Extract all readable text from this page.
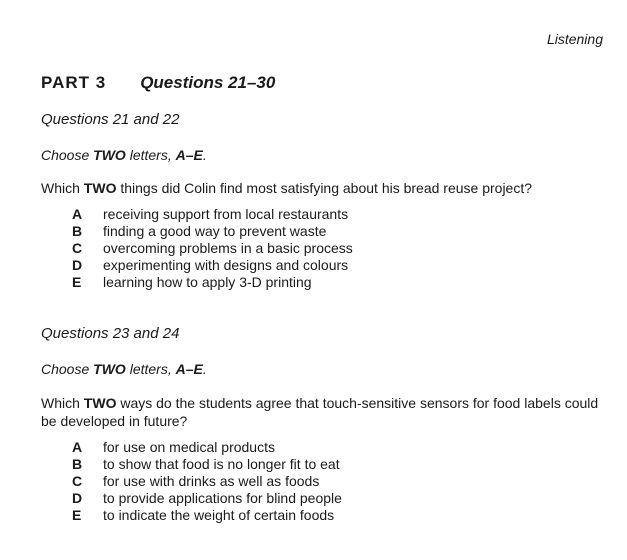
Listening
PART 3 Questions 21–30

Questions 21 and 22

Choose TWO letters, A–E.

Which TWO things did Colin find most satisfying about his bread reuse project?

A	receiving support from local restaurants
B	finding a good way to prevent waste
C	overcoming problems in a basic process
D	experimenting with designs and colours
E	learning how to apply 3-D printing

Questions 23 and 24

Choose TWO letters, A–E.

Which TWO ways do the students agree that touch-sensitive sensors for food labels could be developed in future?

A	for use on medical products
B	to show that food is no longer fit to eat
C	for use with drinks as well as foods
D	to provide applications for blind people
E	to indicate the weight of certain foods
